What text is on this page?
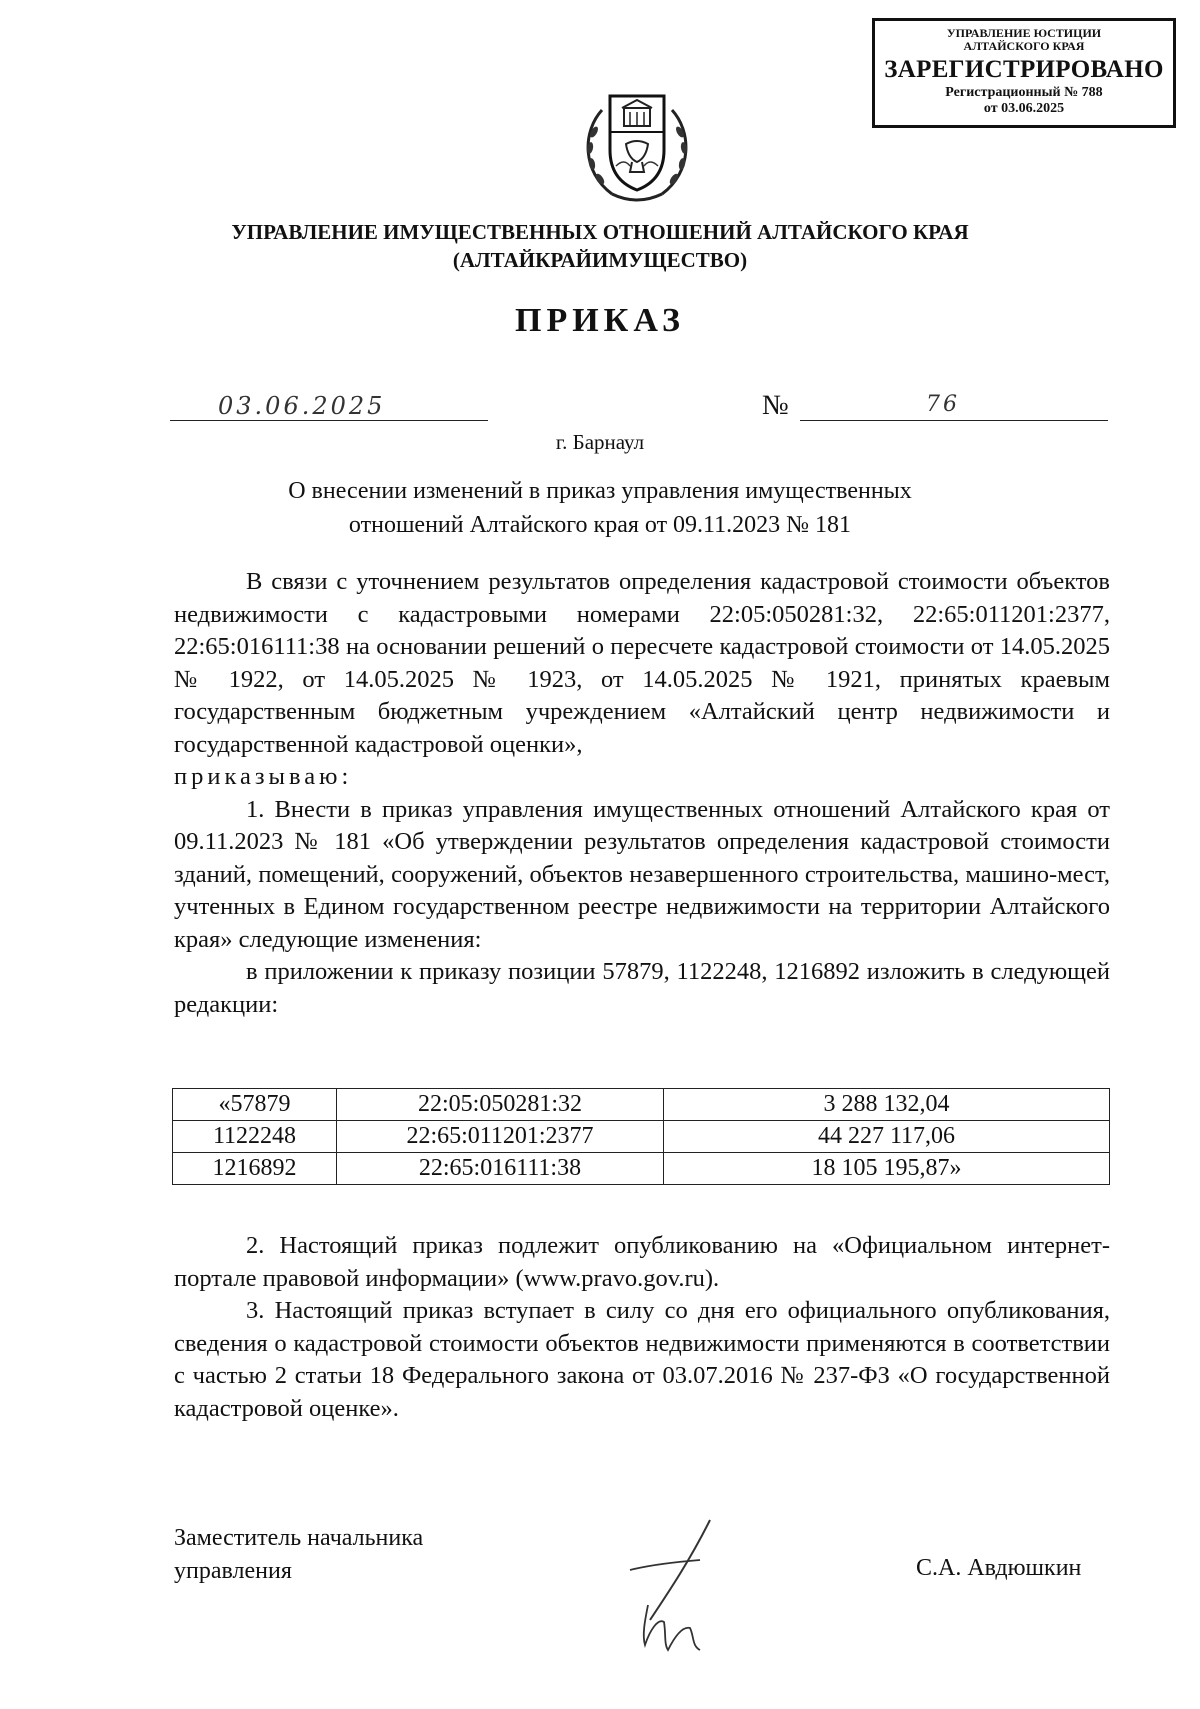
УПРАВЛЕНИЕ ЮСТИЦИИ
АЛТАЙСКОГО КРАЯ
ЗАРЕГИСТРИРОВАНО
Регистрационный № 788
от 03.06.2025
УПРАВЛЕНИЕ ИМУЩЕСТВЕННЫХ ОТНОШЕНИЙ АЛТАЙСКОГО КРАЯ
(АЛТАЙКРАЙИМУЩЕСТВО)
ПРИКАЗ
03.06.2025	№	76
г. Барнаул
О внесении изменений в приказ управления имущественных
отношений Алтайского края от 09.11.2023 № 181

В связи с уточнением результатов определения кадастровой стоимости объектов недвижимости с кадастровыми номерами 22:05:050281:32, 22:65:011201:2377, 22:65:016111:38 на основании решений о пересчете кадастровой стоимости от 14.05.2025 № 1922, от 14.05.2025 № 1923, от 14.05.2025 № 1921, принятых краевым государственным бюджетным учреждением «Алтайский центр недвижимости и государственной кадастровой оценки»,

приказываю:

1. Внести в приказ управления имущественных отношений Алтайского края от 09.11.2023 № 181 «Об утверждении результатов определения кадастровой стоимости зданий, помещений, сооружений, объектов незавершенного строительства, машино-мест, учтенных в Едином государственном реестре недвижимости на территории Алтайского края» следующие изменения:

в приложении к приказу позиции 57879, 1122248, 1216892 изложить в следующей редакции:

«57879	22:05:050281:32	3 288 132,04
1122248	22:65:011201:2377	44 227 117,06
1216892	22:65:016111:38	18 105 195,87»

2. Настоящий приказ подлежит опубликованию на «Официальном интернет-портале правовой информации» (www.pravo.gov.ru).

3. Настоящий приказ вступает в силу со дня его официального опубликования, сведения о кадастровой стоимости объектов недвижимости применяются в соответствии с частью 2 статьи 18 Федерального закона от 03.07.2016 № 237-ФЗ «О государственной кадастровой оценке».

Заместитель начальника
управления	С.А. Авдюшкин
